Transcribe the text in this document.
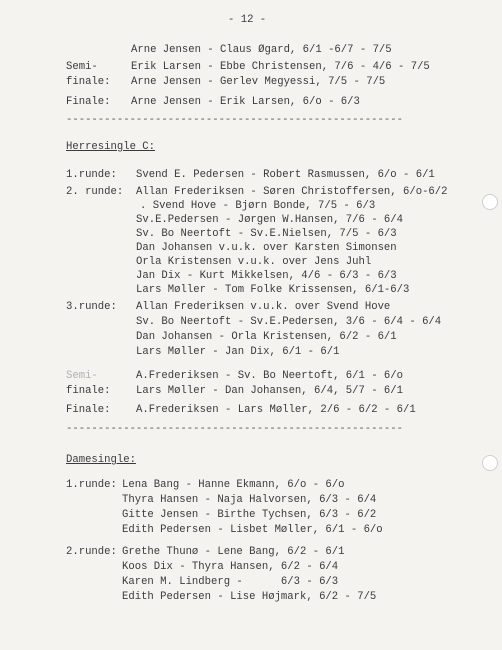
- 12 -
Arne Jensen - Claus Øgard, 6/1 -6/7 - 7/5
Semi-
finale:
Erik Larsen - Ebbe Christensen, 7/6 - 4/6 - 7/5
Arne Jensen - Gerlev Megyessi, 7/5 - 7/5
Finale: Arne Jensen - Erik Larsen, 6/o - 6/3
-----------------------------------------------------
Herresingle C:
1.runde: Svend E. Pedersen - Robert Rasmussen, 6/o - 6/1
2. runde: Allan Frederiksen - Søren Christoffersen, 6/o-6/2
. Svend Hove - Bjørn Bonde, 7/5 - 6/3
Sv.E.Pedersen - Jørgen W.Hansen, 7/6 - 6/4
Sv. Bo Neertoft - Sv.E.Nielsen, 7/5 - 6/3
Dan Johansen v.u.k. over Karsten Simonsen
Orla Kristensen v.u.k. over Jens Juhl
Jan Dix - Kurt Mikkelsen, 4/6 - 6/3 - 6/3
Lars Møller - Tom Folke Krissensen, 6/1-6/3
3.runde: Allan Frederiksen v.u.k. over Svend Hove
Sv. Bo Neertoft - Sv.E.Pedersen, 3/6 - 6/4 - 6/4
Dan Johansen - Orla Kristensen, 6/2 - 6/1
Lars Møller - Jan Dix, 6/1 - 6/1
Semi-
finale:
A.Frederiksen - Sv. Bo Neertoft, 6/1 - 6/o
Lars Møller - Dan Johansen, 6/4, 5/7 - 6/1
Finale: A.Frederiksen - Lars Møller, 2/6 - 6/2 - 6/1
-----------------------------------------------------
Damesingle:
1.runde: Lena Bang - Hanne Ekmann, 6/o - 6/o
Thyra Hansen - Naja Halvorsen, 6/3 - 6/4
Gitte Jensen - Birthe Tychsen, 6/3 - 6/2
Edith Pedersen - Lisbet Møller, 6/1 - 6/o
2.runde: Grethe Thunø - Lene Bang, 6/2 - 6/1
Koos Dix - Thyra Hansen, 6/2 - 6/4
Karen M. Lindberg -      6/3 - 6/3
Edith Pedersen - Lise Højmark, 6/2 - 7/5
